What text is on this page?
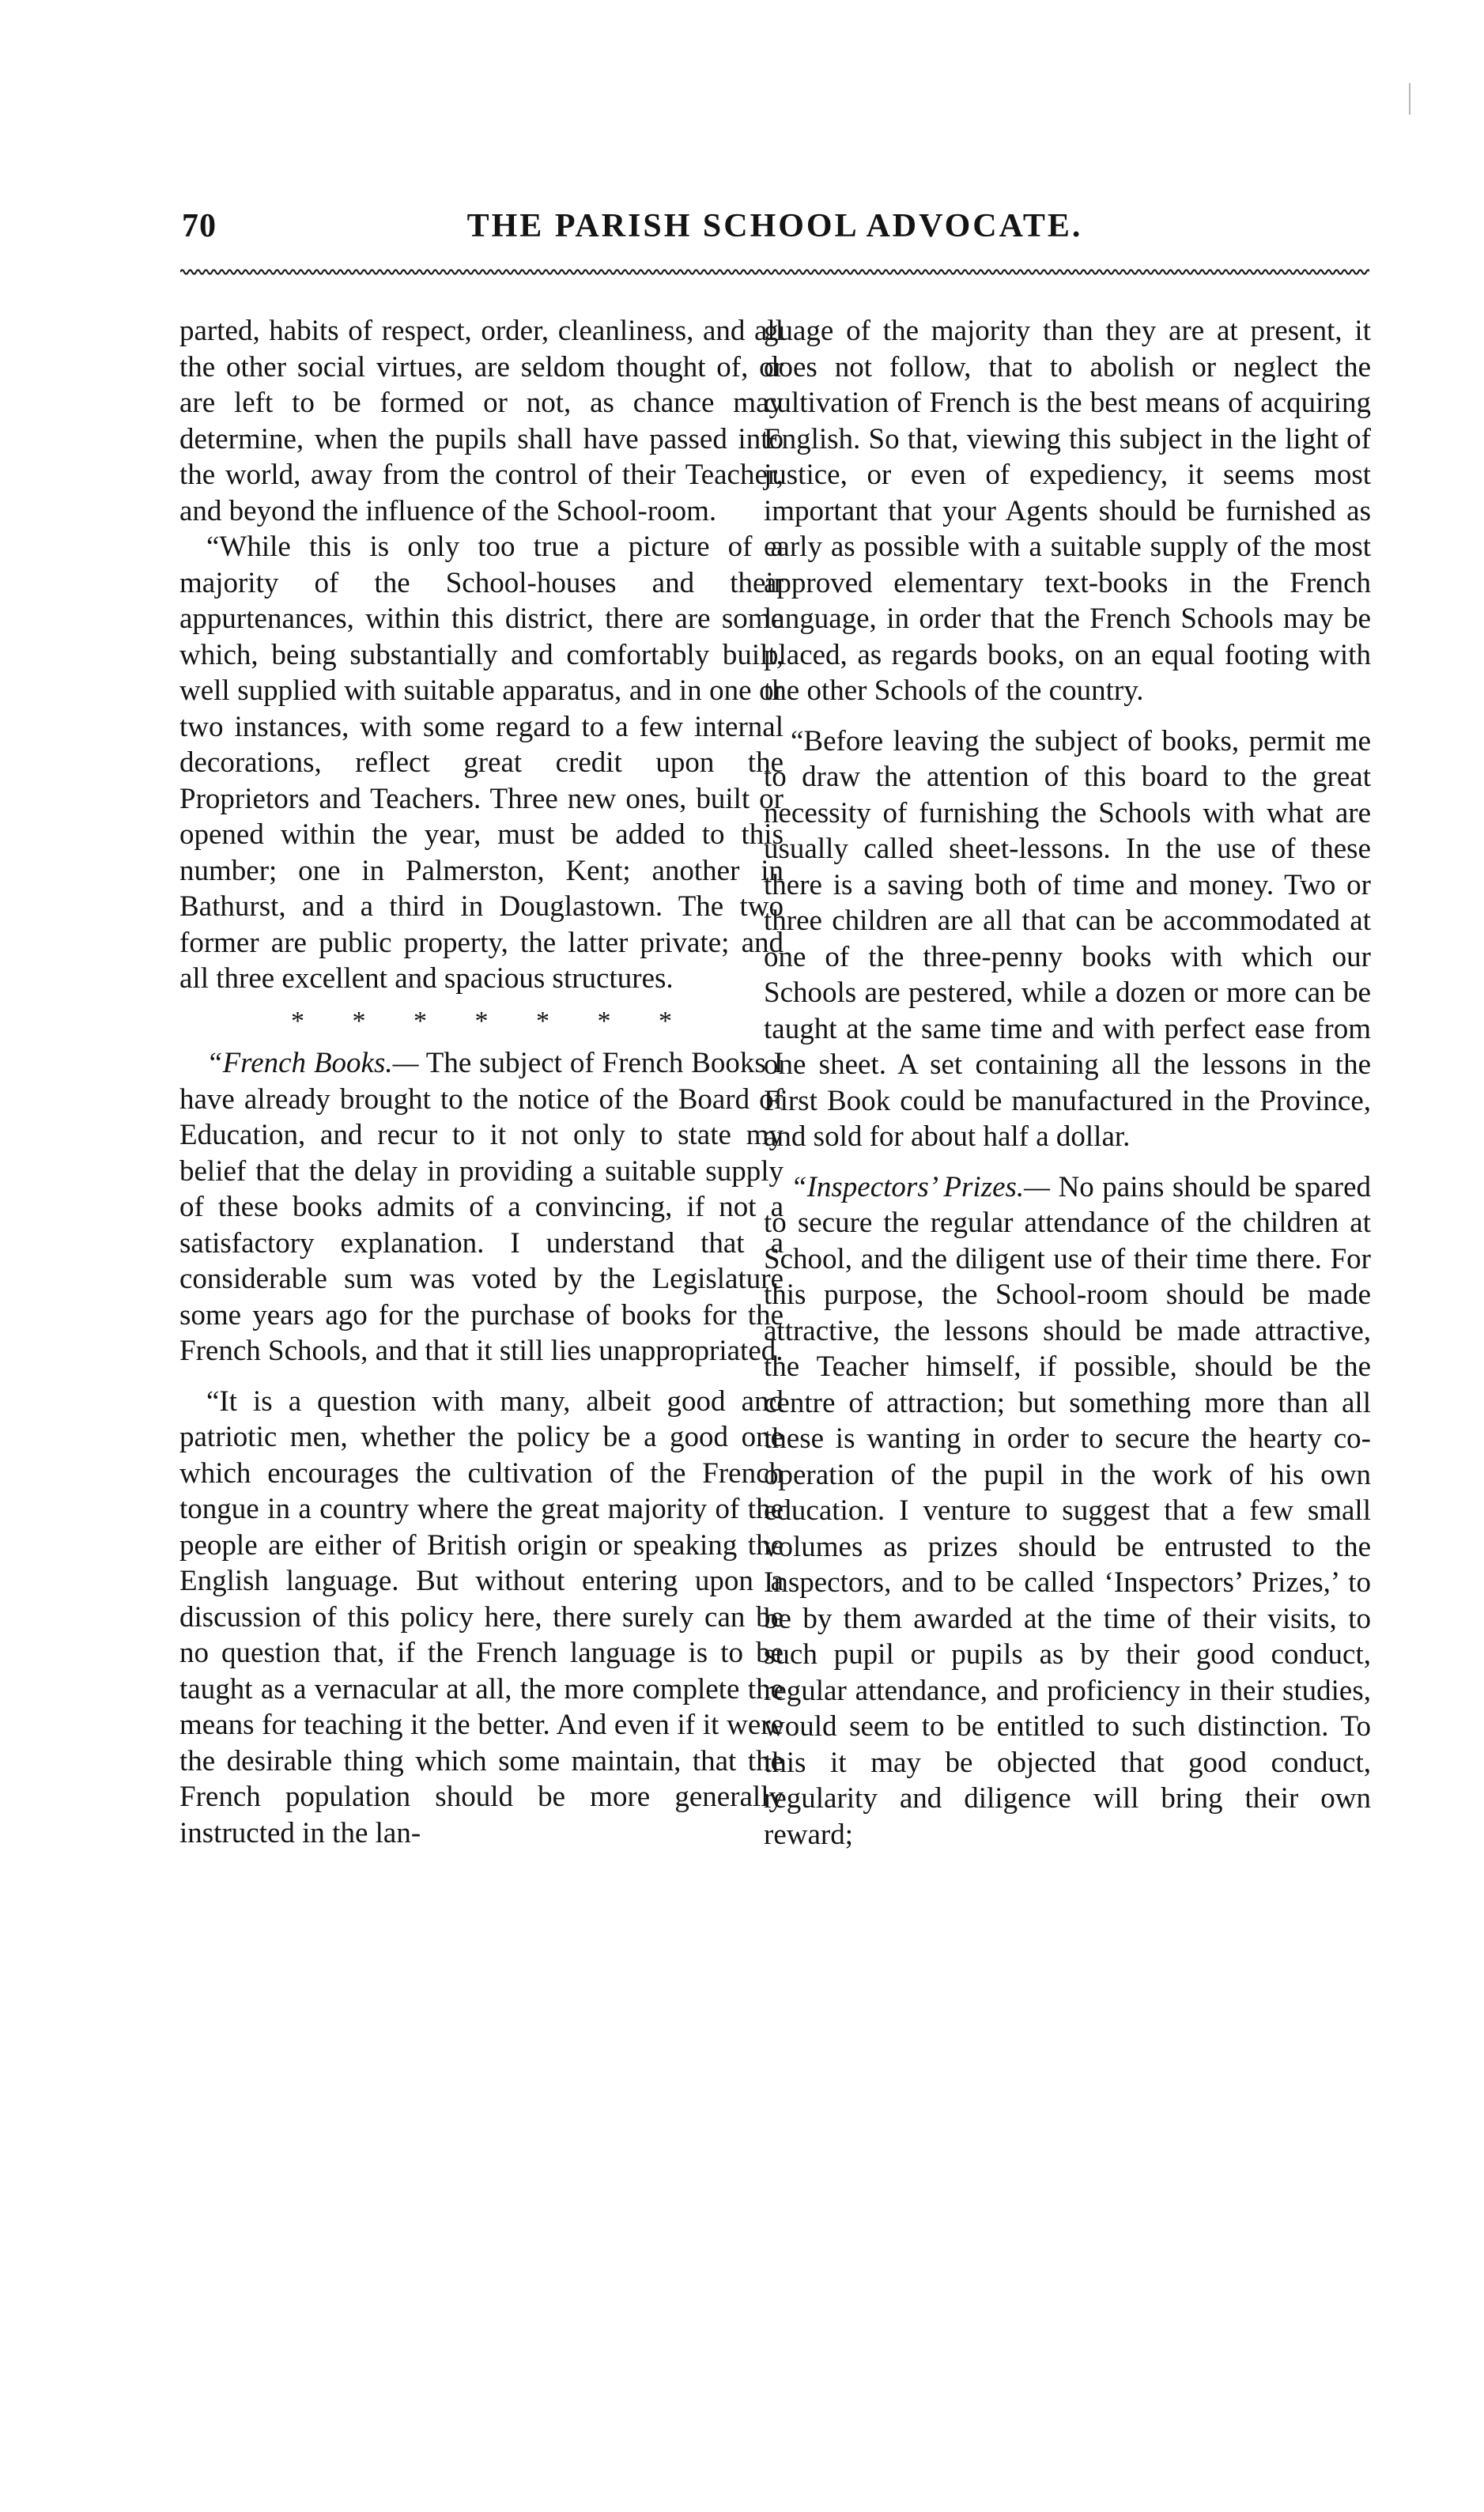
70	THE PARISH SCHOOL ADVOCATE.

parted, habits of respect, order, cleanliness, and all the other social virtues, are seldom thought of, or are left to be formed or not, as chance may determine, when the pupils shall have passed into the world, away from the control of their Teacher, and beyond the influence of the School-room.

“While this is only too true a picture of a majority of the School-houses and their appurtenances, within this district, there are some which, being substantially and comfortably built, well supplied with suitable apparatus, and in one or two instances, with some regard to a few internal decorations, reflect great credit upon the Proprietors and Teachers. Three new ones, built or opened within the year, must be added to this number; one in Palmerston, Kent; another in Bathurst, and a third in Douglastown. The two former are public property, the latter private; and all three excellent and spacious structures.

* * * * * * *

“French Books.— The subject of French Books I have already brought to the notice of the Board of Education, and recur to it not only to state my belief that the delay in providing a suitable supply of these books admits of a convincing, if not a satisfactory explanation. I understand that a considerable sum was voted by the Legislature some years ago for the purchase of books for the French Schools, and that it still lies unappropriated.

“It is a question with many, albeit good and patriotic men, whether the policy be a good one which encourages the cultivation of the French tongue in a country where the great majority of the people are either of British origin or speaking the English language. But without entering upon a discussion of this policy here, there surely can be no question that, if the French language is to be taught as a vernacular at all, the more complete the means for teaching it the better. And even if it were the desirable thing which some maintain, that the French population should be more generally instructed in the lan-

guage of the majority than they are at present, it does not follow, that to abolish or neglect the cultivation of French is the best means of acquiring English. So that, viewing this subject in the light of justice, or even of expediency, it seems most important that your Agents should be furnished as early as possible with a suitable supply of the most approved elementary text-books in the French language, in order that the French Schools may be placed, as regards books, on an equal footing with the other Schools of the country.

“Before leaving the subject of books, permit me to draw the attention of this board to the great necessity of furnishing the Schools with what are usually called sheet-lessons. In the use of these there is a saving both of time and money. Two or three children are all that can be accommodated at one of the three-penny books with which our Schools are pestered, while a dozen or more can be taught at the same time and with perfect ease from one sheet. A set containing all the lessons in the First Book could be manufactured in the Province, and sold for about half a dollar.

“Inspectors’ Prizes.— No pains should be spared to secure the regular attendance of the children at School, and the diligent use of their time there. For this purpose, the School-room should be made attractive, the lessons should be made attractive, the Teacher himself, if possible, should be the centre of attraction; but something more than all these is wanting in order to secure the hearty co-operation of the pupil in the work of his own education. I venture to suggest that a few small volumes as prizes should be entrusted to the Inspectors, and to be called ‘Inspectors’ Prizes,’ to be by them awarded at the time of their visits, to such pupil or pupils as by their good conduct, regular attendance, and proficiency in their studies, would seem to be entitled to such distinction. To this it may be objected that good conduct, regularity and diligence will bring their own reward;
